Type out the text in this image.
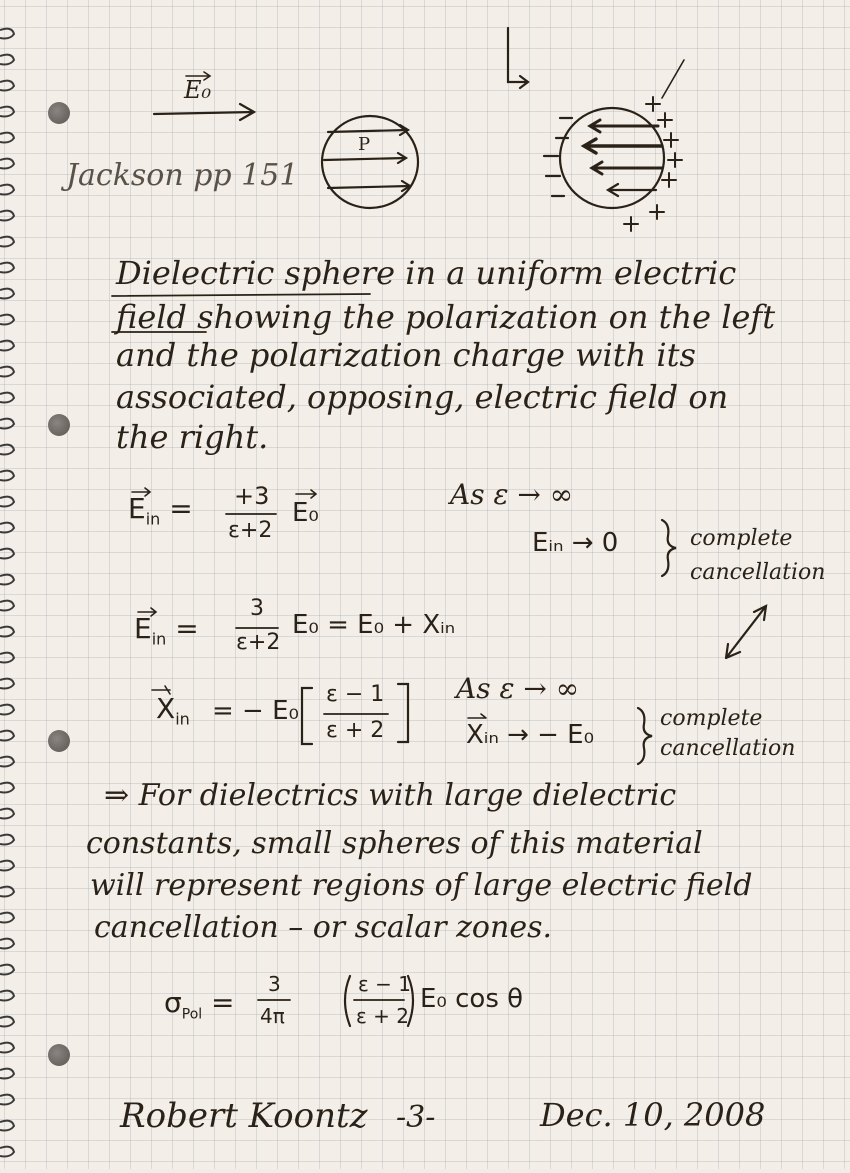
E₀
Jackson pp 151
P
Dielectric sphere in a uniform electric
field showing the polarization on the left
and the polarization charge with its
associated, opposing, electric field on
the right.
$E_{in} = +3$
ε+2
E₀
As ε → ∞
Eᵢₙ → 0	complete cancellation
$E_{in}$ =
3
ε+2
E₀ = E₀ + Xᵢₙ
$X_{in}$ = − E₀
ε − 1
ε + 2
As ε → ∞
Xᵢₙ → − E₀
complete cancellation
⇒ For dielectrics with large dielectric
constants, small spheres of this material
will represent regions of large electric field
cancellation – or scalar zones.
$\sigma_{Pol}$ =
3
4π
ε − 1
ε + 2
E₀ cos θ
Robert Koontz -3-	Dec. 10, 2008
